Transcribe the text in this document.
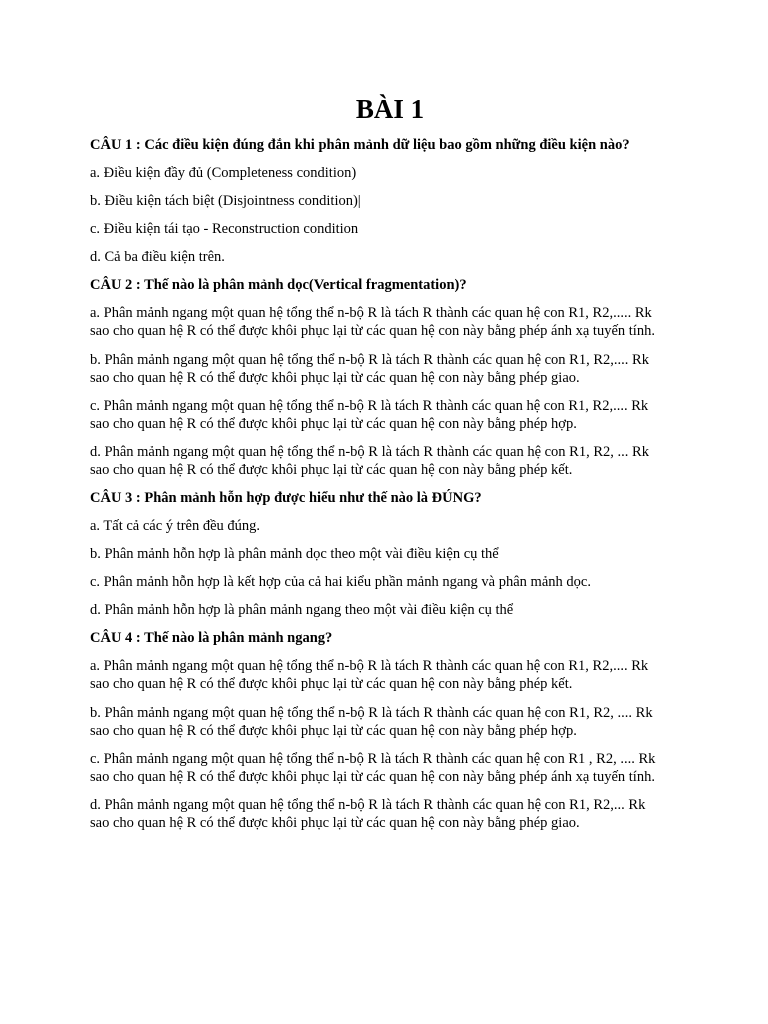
BÀI 1

CÂU 1 : Các điều kiện đúng đắn khi phân mảnh dữ liệu bao gồm những điều kiện nào?

a. Điều kiện đầy đủ (Completeness condition)

b. Điều kiện tách biệt (Disjointness condition)|

c. Điều kiện tái tạo - Reconstruction condition

d. Cả ba điều kiện trên.

CÂU 2 : Thế nào là phân mảnh dọc(Vertical fragmentation)?

a. Phân mảnh ngang một quan hệ tổng thể n-bộ R là tách R thành các quan hệ con R1, R2,..... Rk
sao cho quan hệ R có thể được khôi phục lại từ các quan hệ con này bằng phép ánh xạ tuyến tính.

b. Phân mảnh ngang một quan hệ tổng thể n-bộ R là tách R thành các quan hệ con R1, R2,.... Rk
sao cho quan hệ R có thể được khôi phục lại từ các quan hệ con này bằng phép giao.

c. Phân mảnh ngang một quan hệ tổng thể n-bộ R là tách R thành các quan hệ con R1, R2,.... Rk
sao cho quan hệ R có thể được khôi phục lại từ các quan hệ con này bằng phép hợp.

d. Phân mảnh ngang một quan hệ tổng thể n-bộ R là tách R thành các quan hệ con R1, R2, ... Rk
sao cho quan hệ R có thể được khôi phục lại từ các quan hệ con này bằng phép kết.

CÂU 3 : Phân mảnh hỗn hợp được hiểu như thế nào là ĐÚNG?

a. Tất cả các ý trên đều đúng.

b. Phân mảnh hỗn hợp là phân mảnh dọc theo một vài điều kiện cụ thể

c. Phân mảnh hỗn hợp là kết hợp của cả hai kiểu phần mảnh ngang và phân mảnh dọc.

d. Phân mảnh hỗn hợp là phân mảnh ngang theo một vài điều kiện cụ thể

CÂU 4 : Thế nào là phân mảnh ngang?

a. Phân mảnh ngang một quan hệ tổng thể n-bộ R là tách R thành các quan hệ con R1, R2,.... Rk
sao cho quan hệ R có thể được khôi phục lại từ các quan hệ con này bằng phép kết.

b. Phân mảnh ngang một quan hệ tổng thể n-bộ R là tách R thành các quan hệ con R1, R2, .... Rk
sao cho quan hệ R có thể được khôi phục lại từ các quan hệ con này bằng phép hợp.

c. Phân mảnh ngang một quan hệ tổng thể n-bộ R là tách R thành các quan hệ con R1 , R2, .... Rk
sao cho quan hệ R có thể được khôi phục lại từ các quan hệ con này bằng phép ánh xạ tuyến tính.

d. Phân mảnh ngang một quan hệ tổng thể n-bộ R là tách R thành các quan hệ con R1, R2,... Rk
sao cho quan hệ R có thể được khôi phục lại từ các quan hệ con này bằng phép giao.
